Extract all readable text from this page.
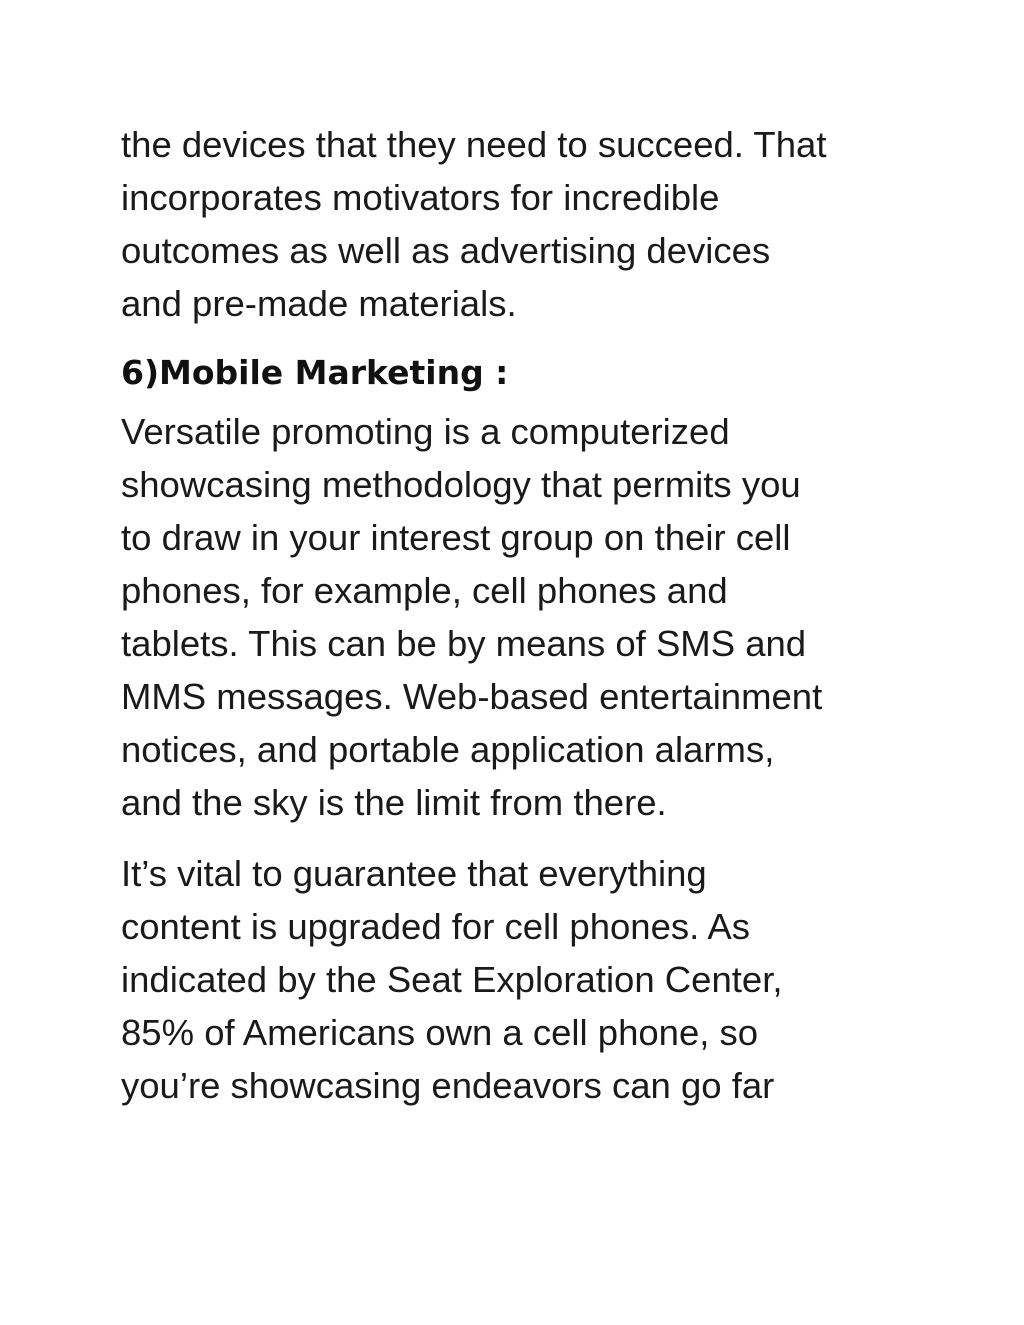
the devices that they need to succeed. That
incorporates motivators for incredible
outcomes as well as advertising devices
and pre-made materials.

6)Mobile Marketing :

Versatile promoting is a computerized
showcasing methodology that permits you
to draw in your interest group on their cell
phones, for example, cell phones and
tablets. This can be by means of SMS and
MMS messages. Web-based entertainment
notices, and portable application alarms,
and the sky is the limit from there.

It’s vital to guarantee that everything
content is upgraded for cell phones. As
indicated by the Seat Exploration Center,
85% of Americans own a cell phone, so
you’re showcasing endeavors can go far
